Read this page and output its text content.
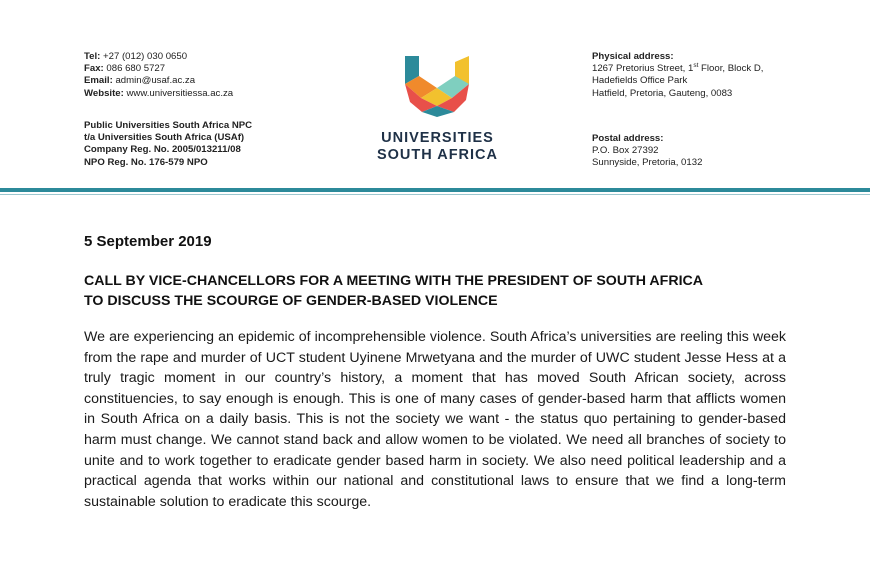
Tel: +27 (012) 030 0650
Fax: 086 680 5727
Email: admin@usaf.ac.za
Website: www.universitiessa.ac.za
Public Universities South Africa NPC
t/a Universities South Africa (USAf)
Company Reg. No. 2005/013211/08
NPO Reg. No. 176-579 NPO
UNIVERSITIES
SOUTH AFRICA
Physical address:
1267 Pretorius Street, 1st Floor, Block D,
Hadefields Office Park
Hatfield, Pretoria, Gauteng, 0083
Postal address:
P.O. Box 27392
Sunnyside, Pretoria, 0132
5 September 2019
CALL BY VICE-CHANCELLORS FOR A MEETING WITH THE PRESIDENT OF SOUTH AFRICA
TO DISCUSS THE SCOURGE OF GENDER-BASED VIOLENCE
We are experiencing an epidemic of incomprehensible violence. South Africa’s universities are reeling this week from the rape and murder of UCT student Uyinene Mrwetyana and the murder of UWC student Jesse Hess at a truly tragic moment in our country’s history, a moment that has moved South African society, across constituencies, to say enough is enough. This is one of many cases of gender-based harm that afflicts women in South Africa on a daily basis. This is not the society we want - the status quo pertaining to gender-based harm must change. We cannot stand back and allow women to be violated. We need all branches of society to unite and to work together to eradicate gender based harm in society. We also need political leadership and a practical agenda that works within our national and constitutional laws to ensure that we find a long-term sustainable solution to eradicate this scourge.
